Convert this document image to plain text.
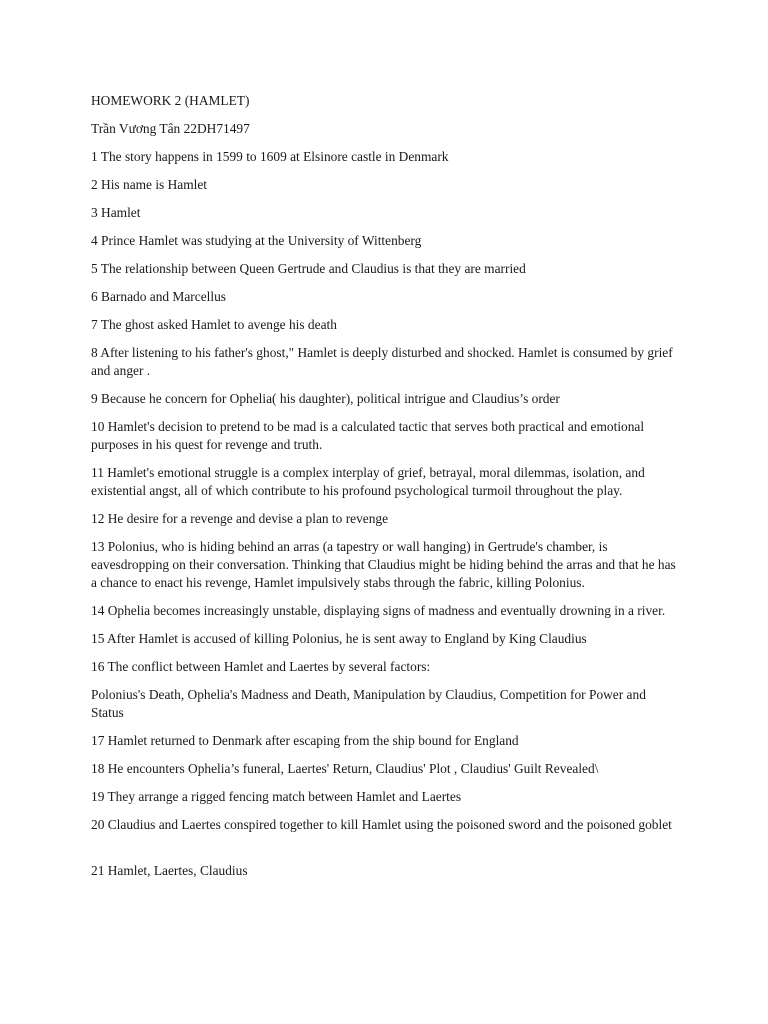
HOMEWORK 2 (HAMLET)

Trần Vương Tân 22DH71497

1 The story happens in 1599 to 1609 at Elsinore castle in Denmark

2 His name is Hamlet

3 Hamlet

4 Prince Hamlet was studying at the University of Wittenberg

5 The relationship between Queen Gertrude and Claudius is that they are married

6 Barnado and Marcellus

7 The ghost asked Hamlet to avenge his death

8 After listening to his father's ghost," Hamlet is deeply disturbed and shocked. Hamlet is consumed by grief and anger .

9 Because he concern for Ophelia( his daughter), political intrigue and Claudius’s order

10 Hamlet's decision to pretend to be mad is a calculated tactic that serves both practical and emotional purposes in his quest for revenge and truth.

11 Hamlet's emotional struggle is a complex interplay of grief, betrayal, moral dilemmas, isolation, and existential angst, all of which contribute to his profound psychological turmoil throughout the play.

12 He desire for a revenge and devise a plan to revenge

13 Polonius, who is hiding behind an arras (a tapestry or wall hanging) in Gertrude's chamber, is eavesdropping on their conversation. Thinking that Claudius might be hiding behind the arras and that he has a chance to enact his revenge, Hamlet impulsively stabs through the fabric, killing Polonius.

14 Ophelia becomes increasingly unstable, displaying signs of madness and eventually drowning in a river.

15 After Hamlet is accused of killing Polonius, he is sent away to England by King Claudius

16 The conflict between Hamlet and Laertes by several factors:

Polonius's Death, Ophelia's Madness and Death, Manipulation by Claudius, Competition for Power and Status

17 Hamlet returned to Denmark after escaping from the ship bound for England

18 He encounters Ophelia’s funeral, Laertes' Return, Claudius' Plot , Claudius' Guilt Revealed\

19 They arrange a rigged fencing match between Hamlet and Laertes

20 Claudius and Laertes conspired together to kill Hamlet using the poisoned sword and the poisoned goblet

21 Hamlet, Laertes, Claudius
